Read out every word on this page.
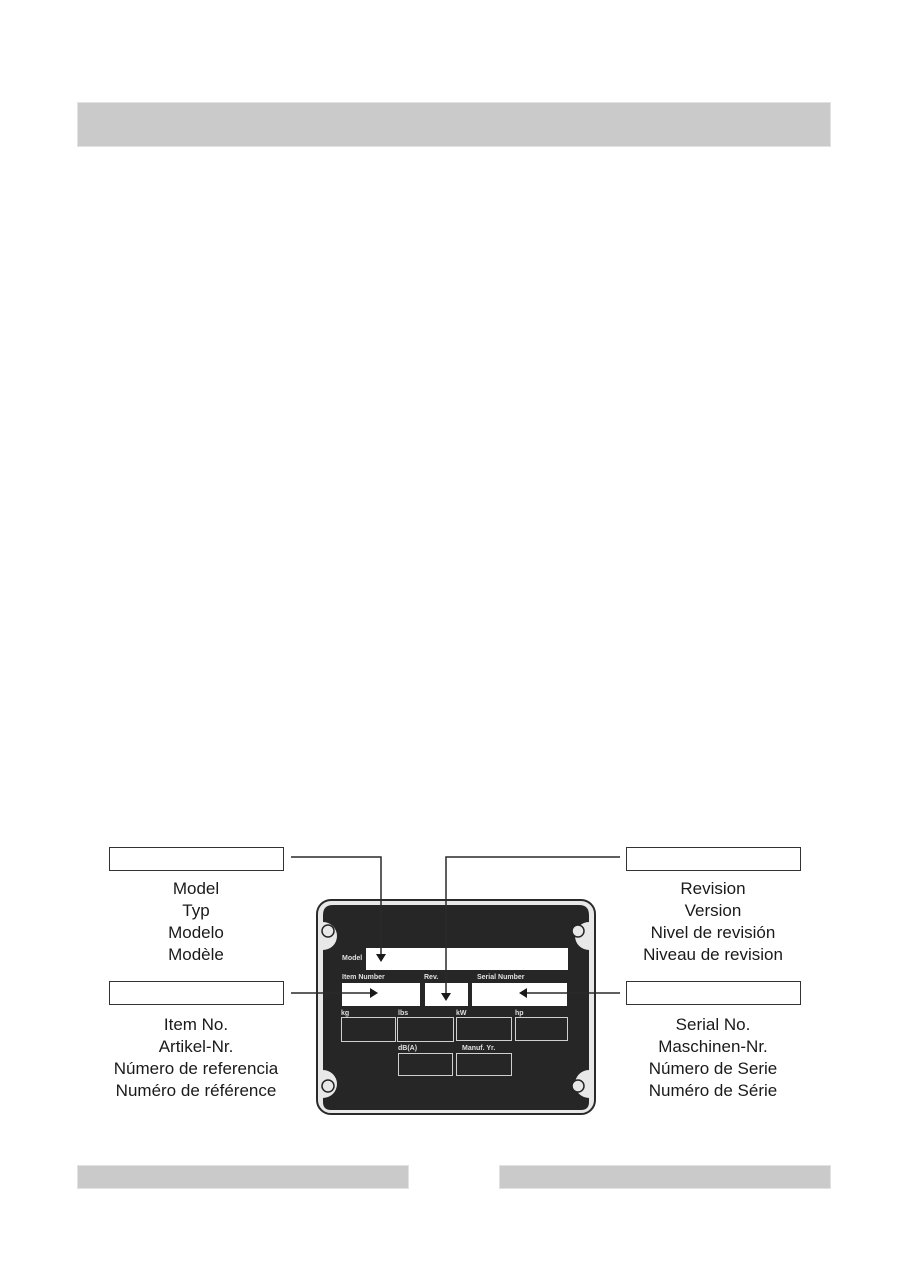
Model
Typ
Modelo
Modèle
Item No.
Artikel-Nr.
Número de referencia
Numéro de référence
Revision
Version
Nivel de revisión
Niveau de revision
Serial No.
Maschinen-Nr.
Número de Serie
Numéro de Série
Model
Item Number	Rev.	Serial Number
kg	lbs	kW	hp
dB(A)	Manuf. Yr.
